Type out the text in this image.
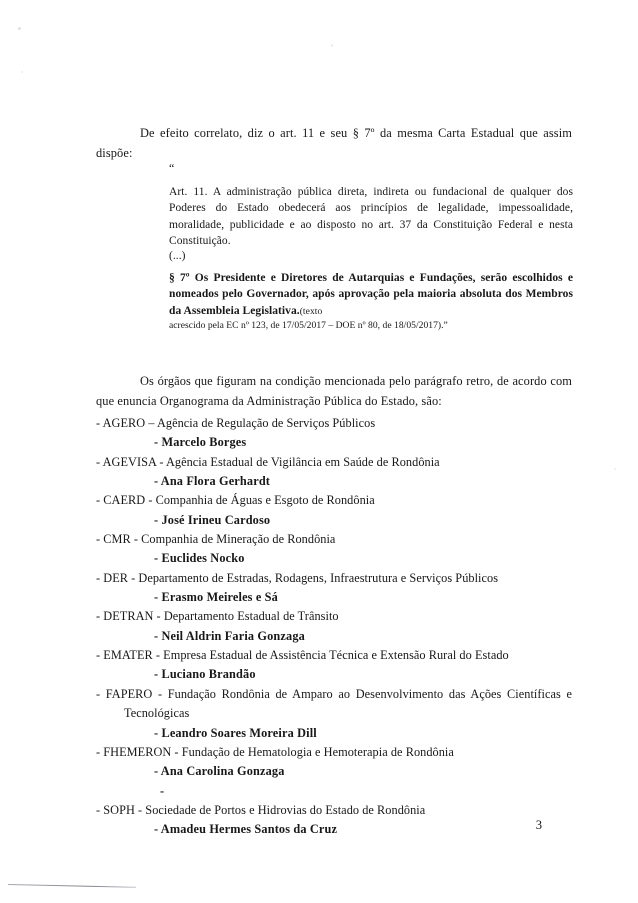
De efeito correlato, diz o art. 11 e seu § 7º da mesma Carta Estadual que assim dispõe:

“
Art. 11. A administração pública direta, indireta ou fundacional de qualquer dos Poderes do Estado obedecerá aos princípios de legalidade, impessoalidade, moralidade, publicidade e ao disposto no art. 37 da Constituição Federal e nesta Constituição.
(...)
§ 7º Os Presidente e Diretores de Autarquias e Fundações, serão escolhidos e nomeados pelo Governador, após aprovação pela maioria absoluta dos Membros da Assembleia Legislativa.(texto
acrescido pela EC nº 123, de 17/05/2017 – DOE nº 80, de 18/05/2017).”

Os órgãos que figuram na condição mencionada pelo parágrafo retro, de acordo com que enuncia Organograma da Administração Pública do Estado, são:

- AGERO – Agência de Regulação de Serviços Públicos
- Marcelo Borges
- AGEVISA - Agência Estadual de Vigilância em Saúde de Rondônia
- Ana Flora Gerhardt
- CAERD - Companhia de Águas e Esgoto de Rondônia
- José Irineu Cardoso
- CMR - Companhia de Mineração de Rondônia
- Euclides Nocko
- DER - Departamento de Estradas, Rodagens, Infraestrutura e Serviços Públicos
- Erasmo Meireles e Sá
- DETRAN - Departamento Estadual de Trânsito
- Neil Aldrin Faria Gonzaga
- EMATER - Empresa Estadual de Assistência Técnica e Extensão Rural do Estado
- Luciano Brandão
- FAPERO - Fundação Rondônia de Amparo ao Desenvolvimento das Ações Científicas e Tecnológicas
- Leandro Soares Moreira Dill
- FHEMERON - Fundação de Hematologia e Hemoterapia de Rondônia
- Ana Carolina Gonzaga
-
- SOPH - Sociedade de Portos e Hidrovias do Estado de Rondônia
- Amadeu Hermes Santos da Cruz	3
